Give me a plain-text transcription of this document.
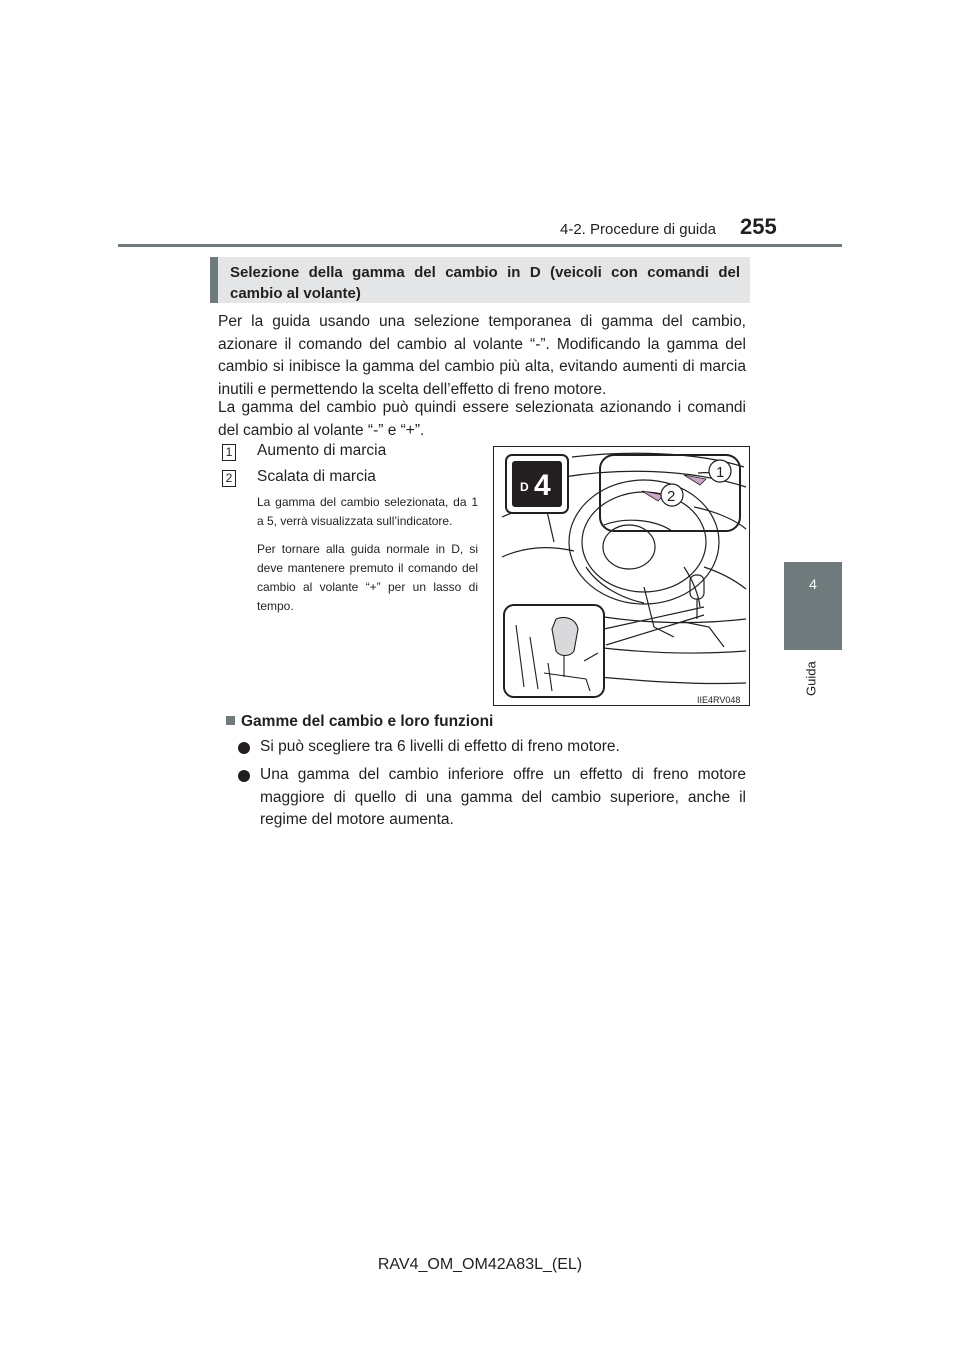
4-2. Procedure di guida 255
4
Guida
Selezione della gamma del cambio in D (veicoli con comandi del cambio al volante)
Per la guida usando una selezione temporanea di gamma del cambio, azionare il comando del cambio al volante “-”. Modificando la gamma del cambio si inibisce la gamma del cambio più alta, evitando aumenti di marcia inutili e permettendo la scelta dell’effetto di freno motore.
La gamma del cambio può quindi essere selezionata azionando i comandi del cambio al volante “-” e “+”.
1 Aumento di marcia
2 Scalata di marcia
La gamma del cambio selezionata, da 1 a 5, verrà visualizzata sull’indicatore.
Per tornare alla guida normale in D, si deve mantenere premuto il comando del cambio al volante “+” per un lasso di tempo.
D 4	1
2
IIE4RV048
Gamme del cambio e loro funzioni
Si può scegliere tra 6 livelli di effetto di freno motore.
Una gamma del cambio inferiore offre un effetto di freno motore maggiore di quello di una gamma del cambio superiore, anche il regime del motore aumenta.
RAV4_OM_OM42A83L_(EL)
